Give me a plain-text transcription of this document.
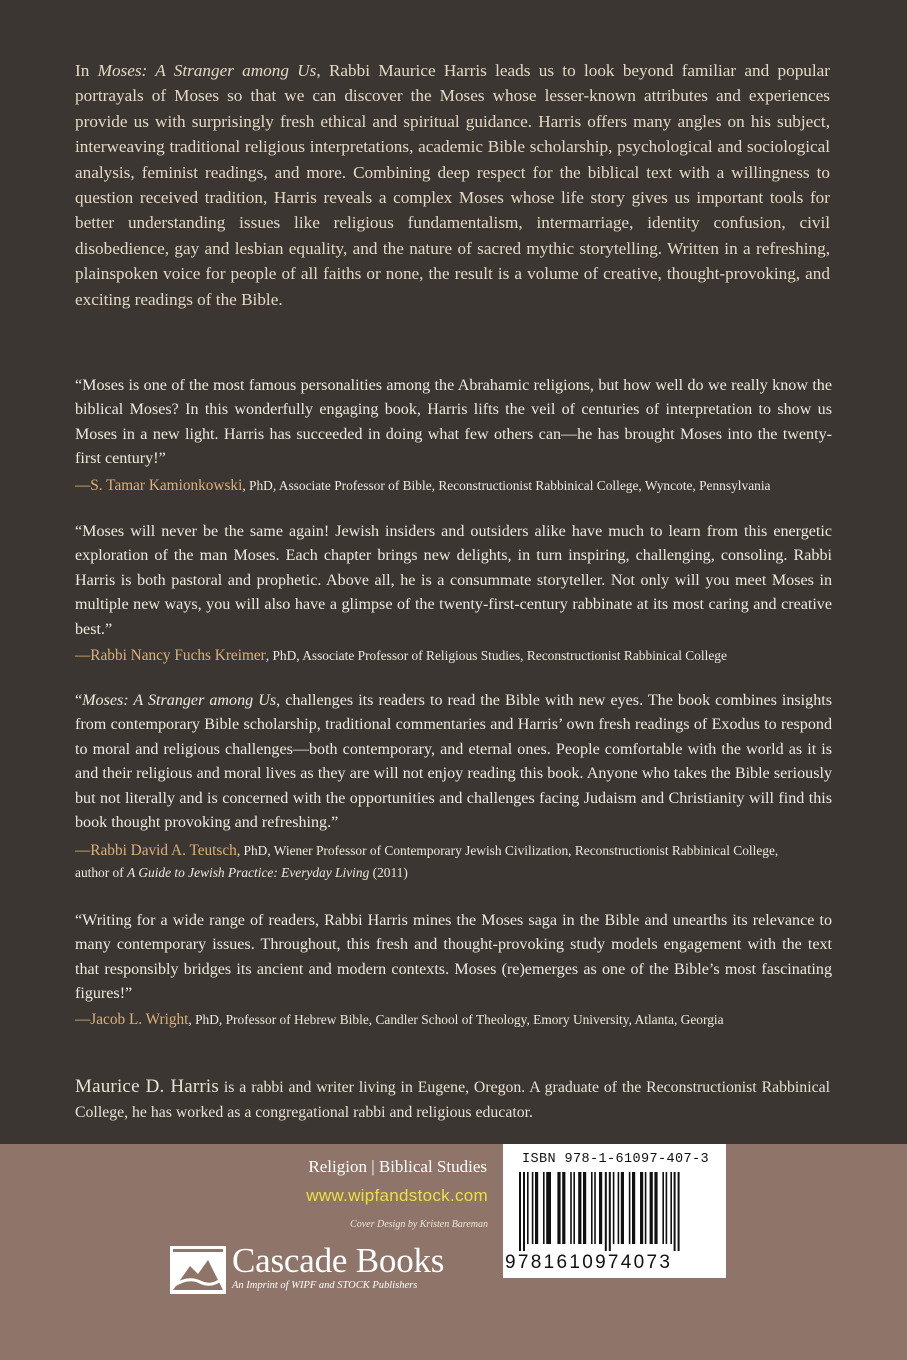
In Moses: A Stranger among Us, Rabbi Maurice Harris leads us to look beyond familiar and popular portrayals of Moses so that we can discover the Moses whose lesser-known attributes and experiences provide us with surprisingly fresh ethical and spiritual guidance. Harris offers many angles on his subject, interweaving traditional religious interpretations, academic Bible scholarship, psychological and sociological analysis, feminist readings, and more. Combining deep respect for the biblical text with a willingness to question received tradition, Harris reveals a complex Moses whose life story gives us important tools for better understanding issues like religious fundamentalism, intermarriage, identity confusion, civil disobedience, gay and lesbian equality, and the nature of sacred mythic storytelling. Written in a refreshing, plainspoken voice for people of all faiths or none, the result is a volume of creative, thought-provoking, and exciting readings of the Bible.

“Moses is one of the most famous personalities among the Abrahamic religions, but how well do we really know the biblical Moses? In this wonderfully engaging book, Harris lifts the veil of centuries of interpretation to show us Moses in a new light. Harris has succeeded in doing what few others can—he has brought Moses into the twenty-first century!”

—S. Tamar Kamionkowski, PhD, Associate Professor of Bible, Reconstructionist Rabbinical College, Wyncote, Pennsylvania

“Moses will never be the same again! Jewish insiders and outsiders alike have much to learn from this energetic exploration of the man Moses. Each chapter brings new delights, in turn inspiring, challenging, consoling. Rabbi Harris is both pastoral and prophetic. Above all, he is a consummate storyteller. Not only will you meet Moses in multiple new ways, you will also have a glimpse of the twenty-first-century rabbinate at its most caring and creative best.”

—Rabbi Nancy Fuchs Kreimer, PhD, Associate Professor of Religious Studies, Reconstructionist Rabbinical College

“Moses: A Stranger among Us, challenges its readers to read the Bible with new eyes. The book combines insights from contemporary Bible scholarship, traditional commentaries and Harris’ own fresh readings of Exodus to respond to moral and religious challenges—both contemporary, and eternal ones. People comfortable with the world as it is and their religious and moral lives as they are will not enjoy reading this book. Anyone who takes the Bible seriously but not literally and is concerned with the opportunities and challenges facing Judaism and Christianity will find this book thought provoking and refreshing.”

—Rabbi David A. Teutsch, PhD, Wiener Professor of Contemporary Jewish Civilization, Reconstructionist Rabbinical College,

author of A Guide to Jewish Practice: Everyday Living (2011)

“Writing for a wide range of readers, Rabbi Harris mines the Moses saga in the Bible and unearths its relevance to many contemporary issues. Throughout, this fresh and thought-provoking study models engagement with the text that responsibly bridges its ancient and modern contexts. Moses (re)emerges as one of the Bible’s most fascinating figures!”

—Jacob L. Wright, PhD, Professor of Hebrew Bible, Candler School of Theology, Emory University, Atlanta, Georgia

Maurice D. Harris is a rabbi and writer living in Eugene, Oregon. A graduate of the Reconstructionist Rabbinical College, he has worked as a congregational rabbi and religious educator.

Religion | Biblical Studies
www.wipfandstock.com
Cover Design by Kristen Bareman
Cascade Books
An Imprint of WIPF and STOCK Publishers
ISBN 978-1-61097-407-3
9781610974073
